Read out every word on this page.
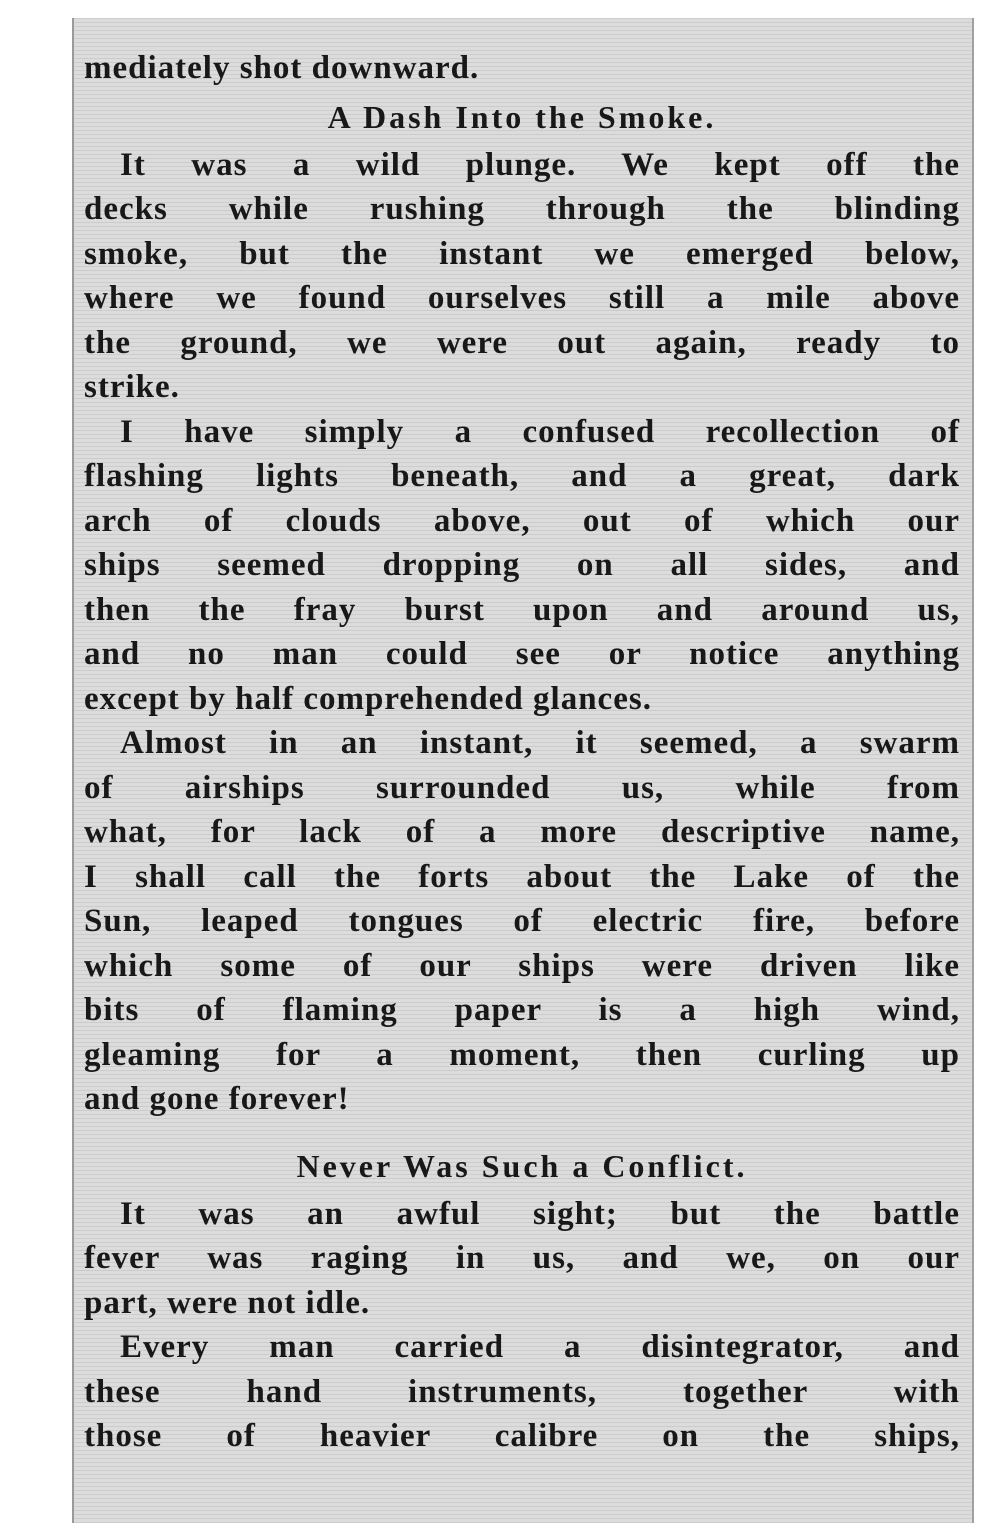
mediately shot downward.
A Dash Into the Smoke.
It was a wild plunge. We kept off the
decks while rushing through the blinding
smoke, but the instant we emerged below,
where we found ourselves still a mile above
the ground, we were out again, ready to
strike.
I have simply a confused recollection of
flashing lights beneath, and a great, dark
arch of clouds above, out of which our
ships seemed dropping on all sides, and
then the fray burst upon and around us,
and no man could see or notice anything
except by half comprehended glances.
Almost in an instant, it seemed, a swarm
of airships surrounded us, while from
what, for lack of a more descriptive name,
I shall call the forts about the Lake of the
Sun, leaped tongues of electric fire, before
which some of our ships were driven like
bits of flaming paper is a high wind,
gleaming for a moment, then curling up
and gone forever!
Never Was Such a Conflict.
It was an awful sight; but the battle
fever was raging in us, and we, on our
part, were not idle.
Every man carried a disintegrator, and
these hand instruments, together with
those of heavier calibre on the ships,
